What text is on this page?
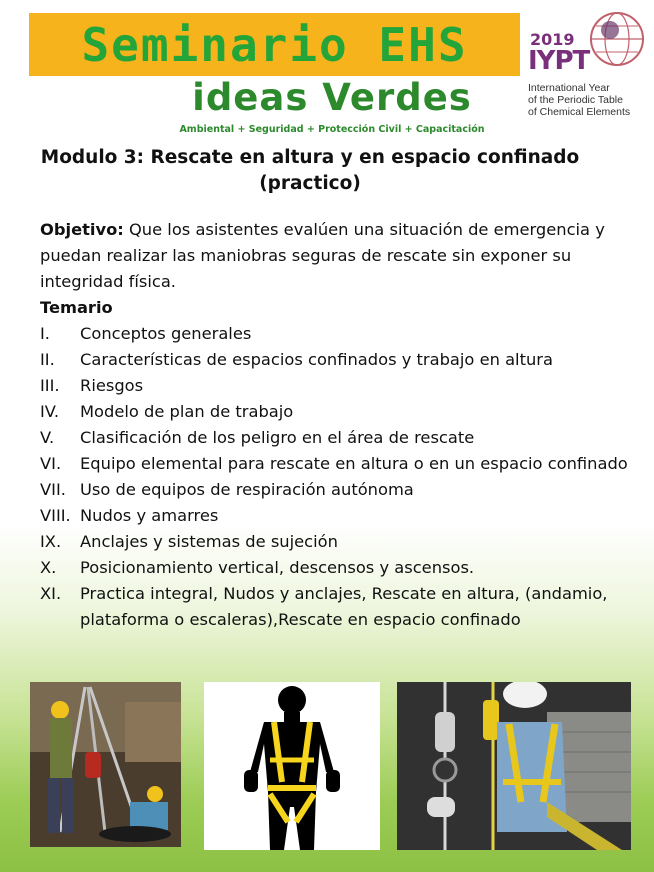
Seminario EHS
ideas Verdes
Ambiental + Seguridad + Protección Civil + Capacitación
2019
IYPT
International Year
of the Periodic Table
of Chemical Elements
Modulo 3: Rescate en altura y en espacio confinado
(practico)

Objetivo: Que los asistentes evalúen una situación de emergencia y puedan realizar las maniobras seguras de rescate sin exponer su integridad física.

Temario

I.	Conceptos generales
II.	Características de espacios confinados y trabajo en altura
III.	Riesgos
IV.	Modelo de plan de trabajo
V.	Clasificación de los peligro en el área de rescate
VI.	Equipo elemental para rescate en altura o en un espacio confinado
VII. Uso de equipos de respiración autónoma
VIII. Nudos y amarres
IX.	Anclajes y sistemas de sujeción
X.	Posicionamiento vertical, descensos y ascensos.
XI.	Practica integral, Nudos y anclajes, Rescate en altura, (andamio, plataforma o escaleras),Rescate en espacio confinado
